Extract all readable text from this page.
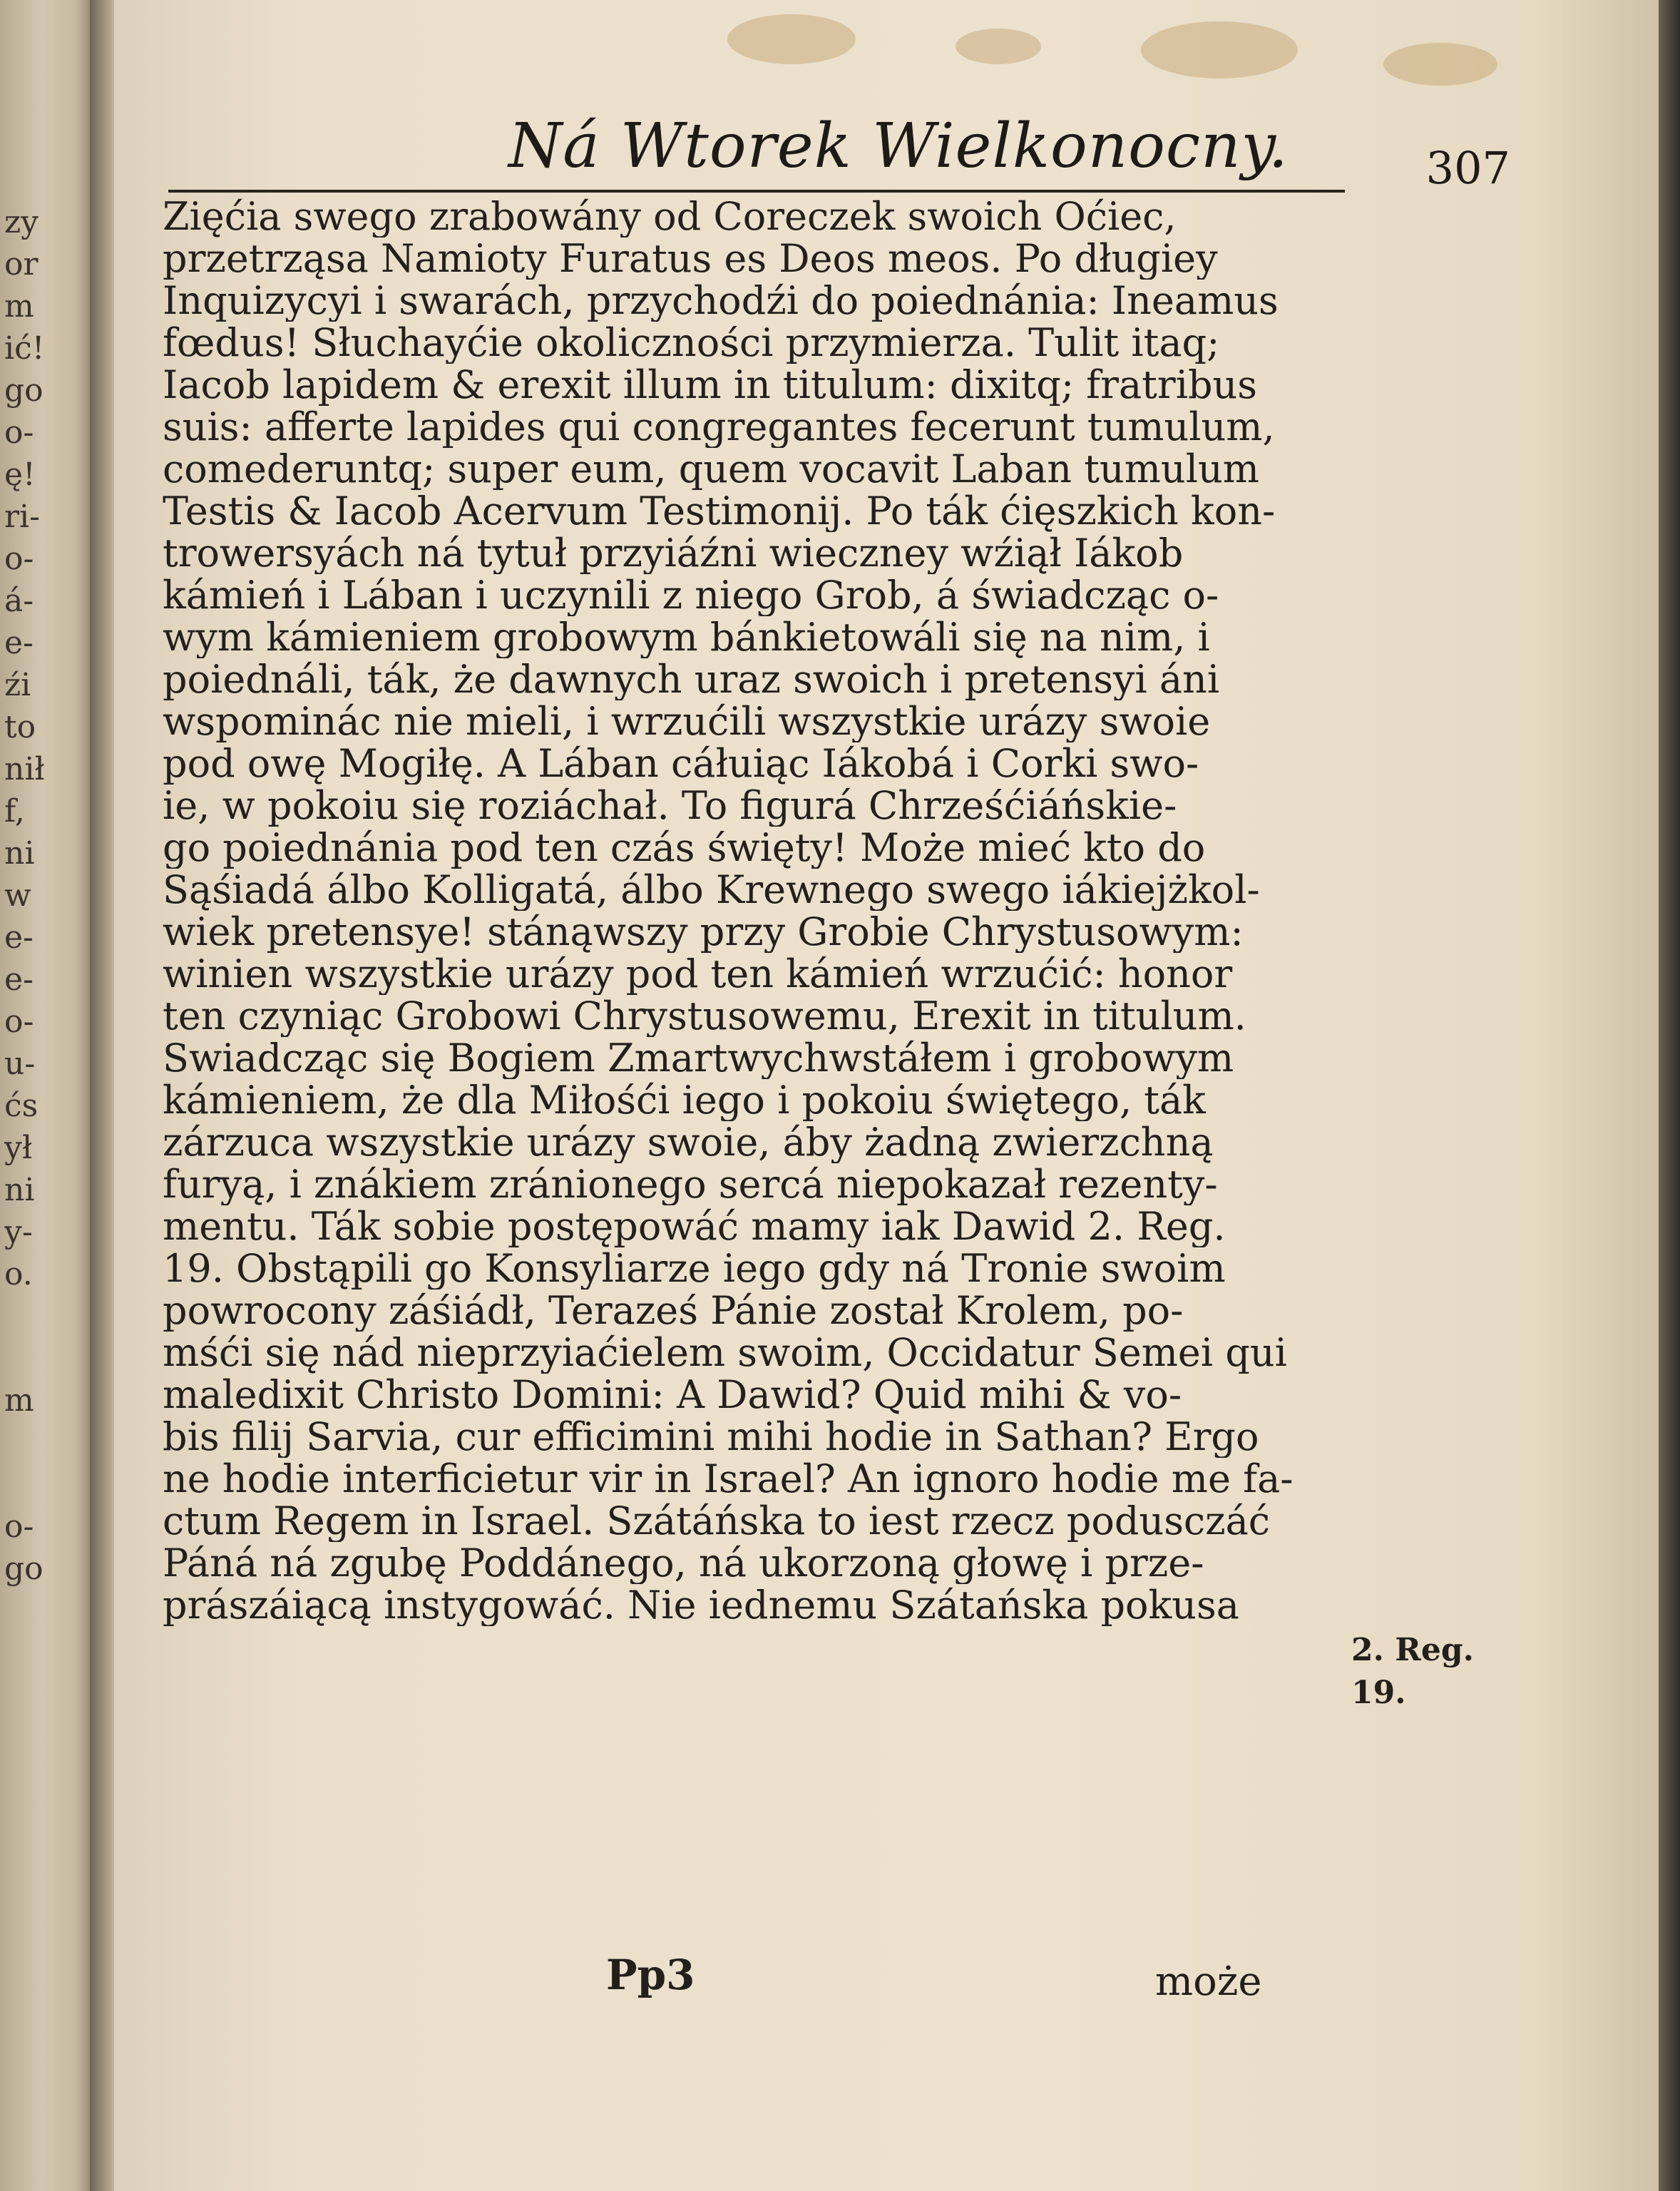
zy
or
m
ić!
go
o-
ę!
ri-
o-
á-
e-
źi
to
nił
f,
ni
w
e-
e-
o-
u-
ćs
ył
ni
y-
o.
m
o-
go
Ná Wtorek Wielkonocny.	307
Zięćia swego zrabowány od Coreczek swoich Oćiec,
przetrząsa Namioty Furatus es Deos meos. Po długiey
Inquizycyi i swarách, przychodźi do poiednánia: Ineamus
fœdus! Słuchayćie okoliczności przymierza. Tulit itaq;
Iacob lapidem & erexit illum in titulum: dixitq; fratribus
suis: afferte lapides qui congregantes fecerunt tumulum,
comederuntq; super eum, quem vocavit Laban tumulum
Testis & Iacob Acervum Testimonij. Po ták ćięszkich kon-
trowersyách ná tytuł przyiáźni wieczney wźiął Iákob
kámień i Lában i uczynili z niego Grob, á świadcząc o-
wym kámieniem grobowym bánkietowáli się na nim, i
poiednáli, ták, że dawnych uraz swoich i pretensyi áni
wspominác nie mieli, i wrzućili wszystkie urázy swoie
pod owę Mogiłę. A Lában cáłuiąc Iákobá i Corki swo-
ie, w pokoiu się roziáchał. To figurá Chrześćiáńskie-
go poiednánia pod ten czás święty! Może mieć kto do
Sąśiadá álbo Kolligatá, álbo Krewnego swego iákiejżkol-
wiek pretensye! stánąwszy przy Grobie Chrystusowym:
winien wszystkie urázy pod ten kámień wrzućić: honor
ten czyniąc Grobowi Chrystusowemu, Erexit in titulum.
Swiadcząc się Bogiem Zmartwychwstáłem i grobowym
kámieniem, że dla Miłośći iego i pokoiu świętego, ták
zárzuca wszystkie urázy swoie, áby żadną zwierzchną
furyą, i znákiem zránionego sercá niepokazał rezenty-
mentu. Ták sobie postępowáć mamy iak Dawid 2. Reg.
19. Obstąpili go Konsyliarze iego gdy ná Tronie swoim
powrocony záśiádł, Teraześ Pánie został Krolem, po-
mśći się nád nieprzyiaćielem swoim, Occidatur Semei qui
maledixit Christo Domini: A Dawid? Quid mihi & vo-
bis filij Sarvia, cur efficimini mihi hodie in Sathan? Ergo
ne hodie interficietur vir in Israel? An ignoro hodie me fa-
ctum Regem in Israel. Szátáńska to iest rzecz podusczáć
Páná ná zgubę Poddánego, ná ukorzoną głowę i prze-
prászáiącą instygowáć. Nie iednemu Szátańska pokusa
2. Reg. 19.
Pp3	może
